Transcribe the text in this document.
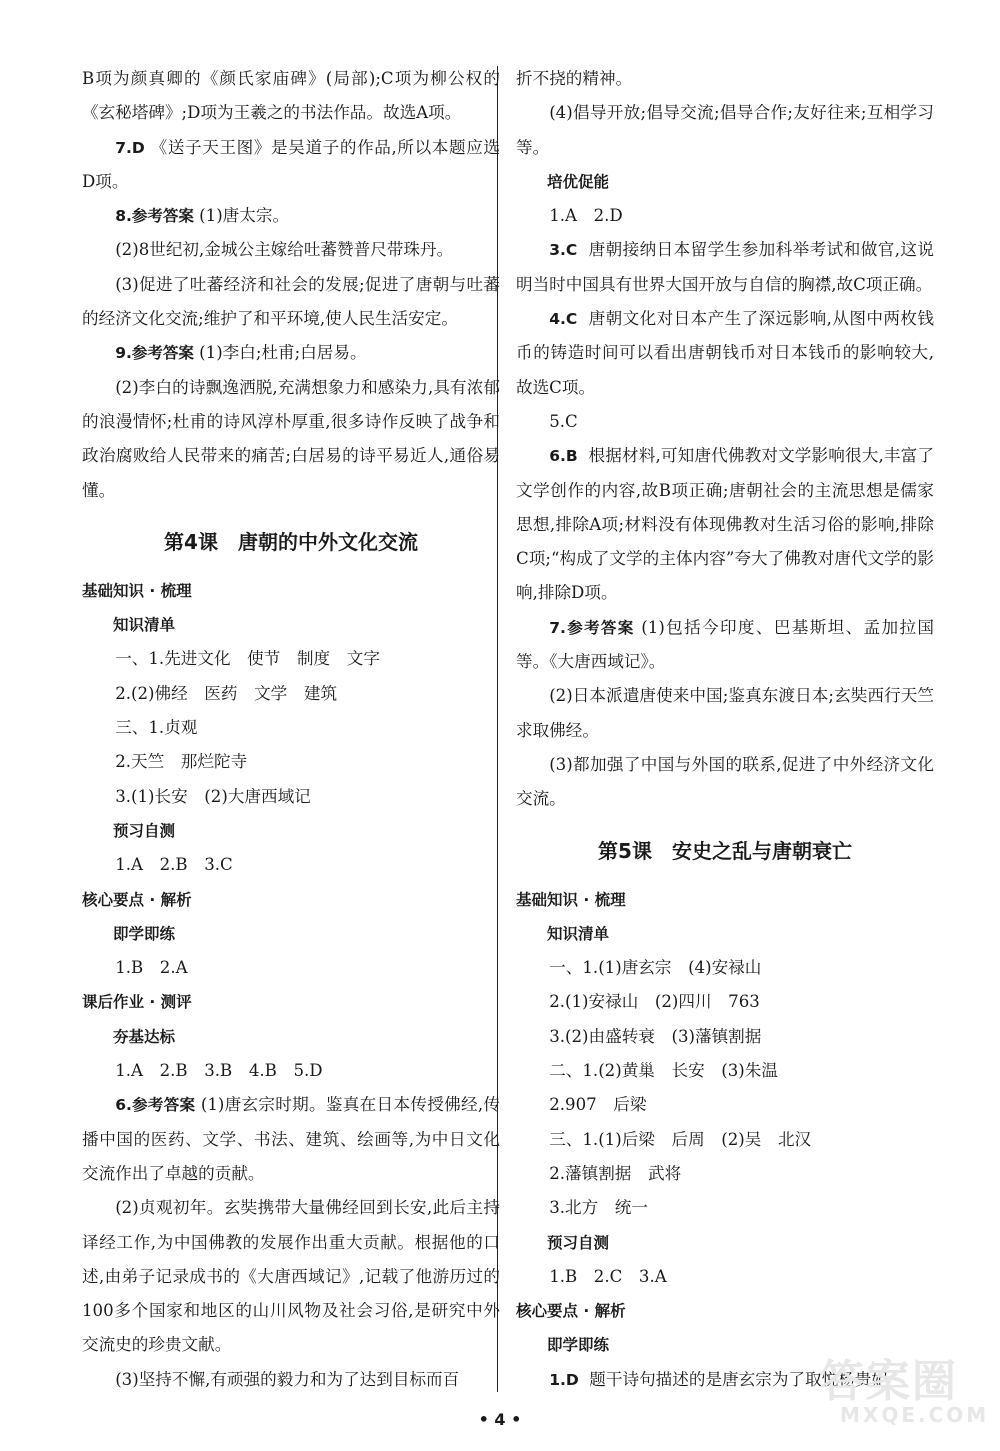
B项为颜真卿的《颜氏家庙碑》(局部);C项为柳公权的《玄秘塔碑》;D项为王羲之的书法作品。故选A项。

7.D 《送子天王图》是吴道子的作品,所以本题应选D项。

8.参考答案 (1)唐太宗。

(2)8世纪初,金城公主嫁给吐蕃赞普尺带珠丹。

(3)促进了吐蕃经济和社会的发展;促进了唐朝与吐蕃的经济文化交流;维护了和平环境,使人民生活安定。

9.参考答案 (1)李白;杜甫;白居易。

(2)李白的诗飘逸洒脱,充满想象力和感染力,具有浓郁的浪漫情怀;杜甫的诗风淳朴厚重,很多诗作反映了战争和政治腐败给人民带来的痛苦;白居易的诗平易近人,通俗易懂。

第4课　唐朝的中外文化交流

基础知识 · 梳理

知识清单

一、1.先进文化　使节　制度　文字

2.(2)佛经　医药　文学　建筑

三、1.贞观

2.天竺　那烂陀寺

3.(1)长安　(2)大唐西域记

预习自测

1.A　2.B　3.C

核心要点 · 解析

即学即练

1.B　2.A

课后作业 · 测评

夯基达标

1.A　2.B　3.B　4.B　5.D

6.参考答案 (1)唐玄宗时期。鉴真在日本传授佛经,传播中国的医药、文学、书法、建筑、绘画等,为中日文化交流作出了卓越的贡献。

(2)贞观初年。玄奘携带大量佛经回到长安,此后主持译经工作,为中国佛教的发展作出重大贡献。根据他的口述,由弟子记录成书的《大唐西域记》,记载了他游历过的100多个国家和地区的山川风物及社会习俗,是研究中外交流史的珍贵文献。

(3)坚持不懈,有顽强的毅力和为了达到目标而百

折不挠的精神。

(4)倡导开放;倡导交流;倡导合作;友好往来;互相学习等。

培优促能

1.A　2.D

3.C 唐朝接纳日本留学生参加科举考试和做官,这说明当时中国具有世界大国开放与自信的胸襟,故C项正确。

4.C 唐朝文化对日本产生了深远影响,从图中两枚钱币的铸造时间可以看出唐朝钱币对日本钱币的影响较大,故选C项。

5.C

6.B 根据材料,可知唐代佛教对文学影响很大,丰富了文学创作的内容,故B项正确;唐朝社会的主流思想是儒家思想,排除A项;材料没有体现佛教对生活习俗的影响,排除C项;“构成了文学的主体内容”夸大了佛教对唐代文学的影响,排除D项。

7.参考答案 (1)包括今印度、巴基斯坦、孟加拉国等。《大唐西域记》。

(2)日本派遣唐使来中国;鉴真东渡日本;玄奘西行天竺求取佛经。

(3)都加强了中国与外国的联系,促进了中外经济文化交流。

第5课　安史之乱与唐朝衰亡

基础知识 · 梳理

知识清单

一、1.(1)唐玄宗　(4)安禄山

2.(1)安禄山　(2)四川　763

3.(2)由盛转衰　(3)藩镇割据

二、1.(2)黄巢　长安　(3)朱温

2.907　后梁

三、1.(1)后梁　后周　(2)吴　北汉

2.藩镇割据　武将

3.北方　统一

预习自测

1.B　2.C　3.A

核心要点 · 解析

即学即练

1.D 题干诗句描述的是唐玄宗为了取悦杨贵妃

• 4 •
答案圈
MXQE.COM
